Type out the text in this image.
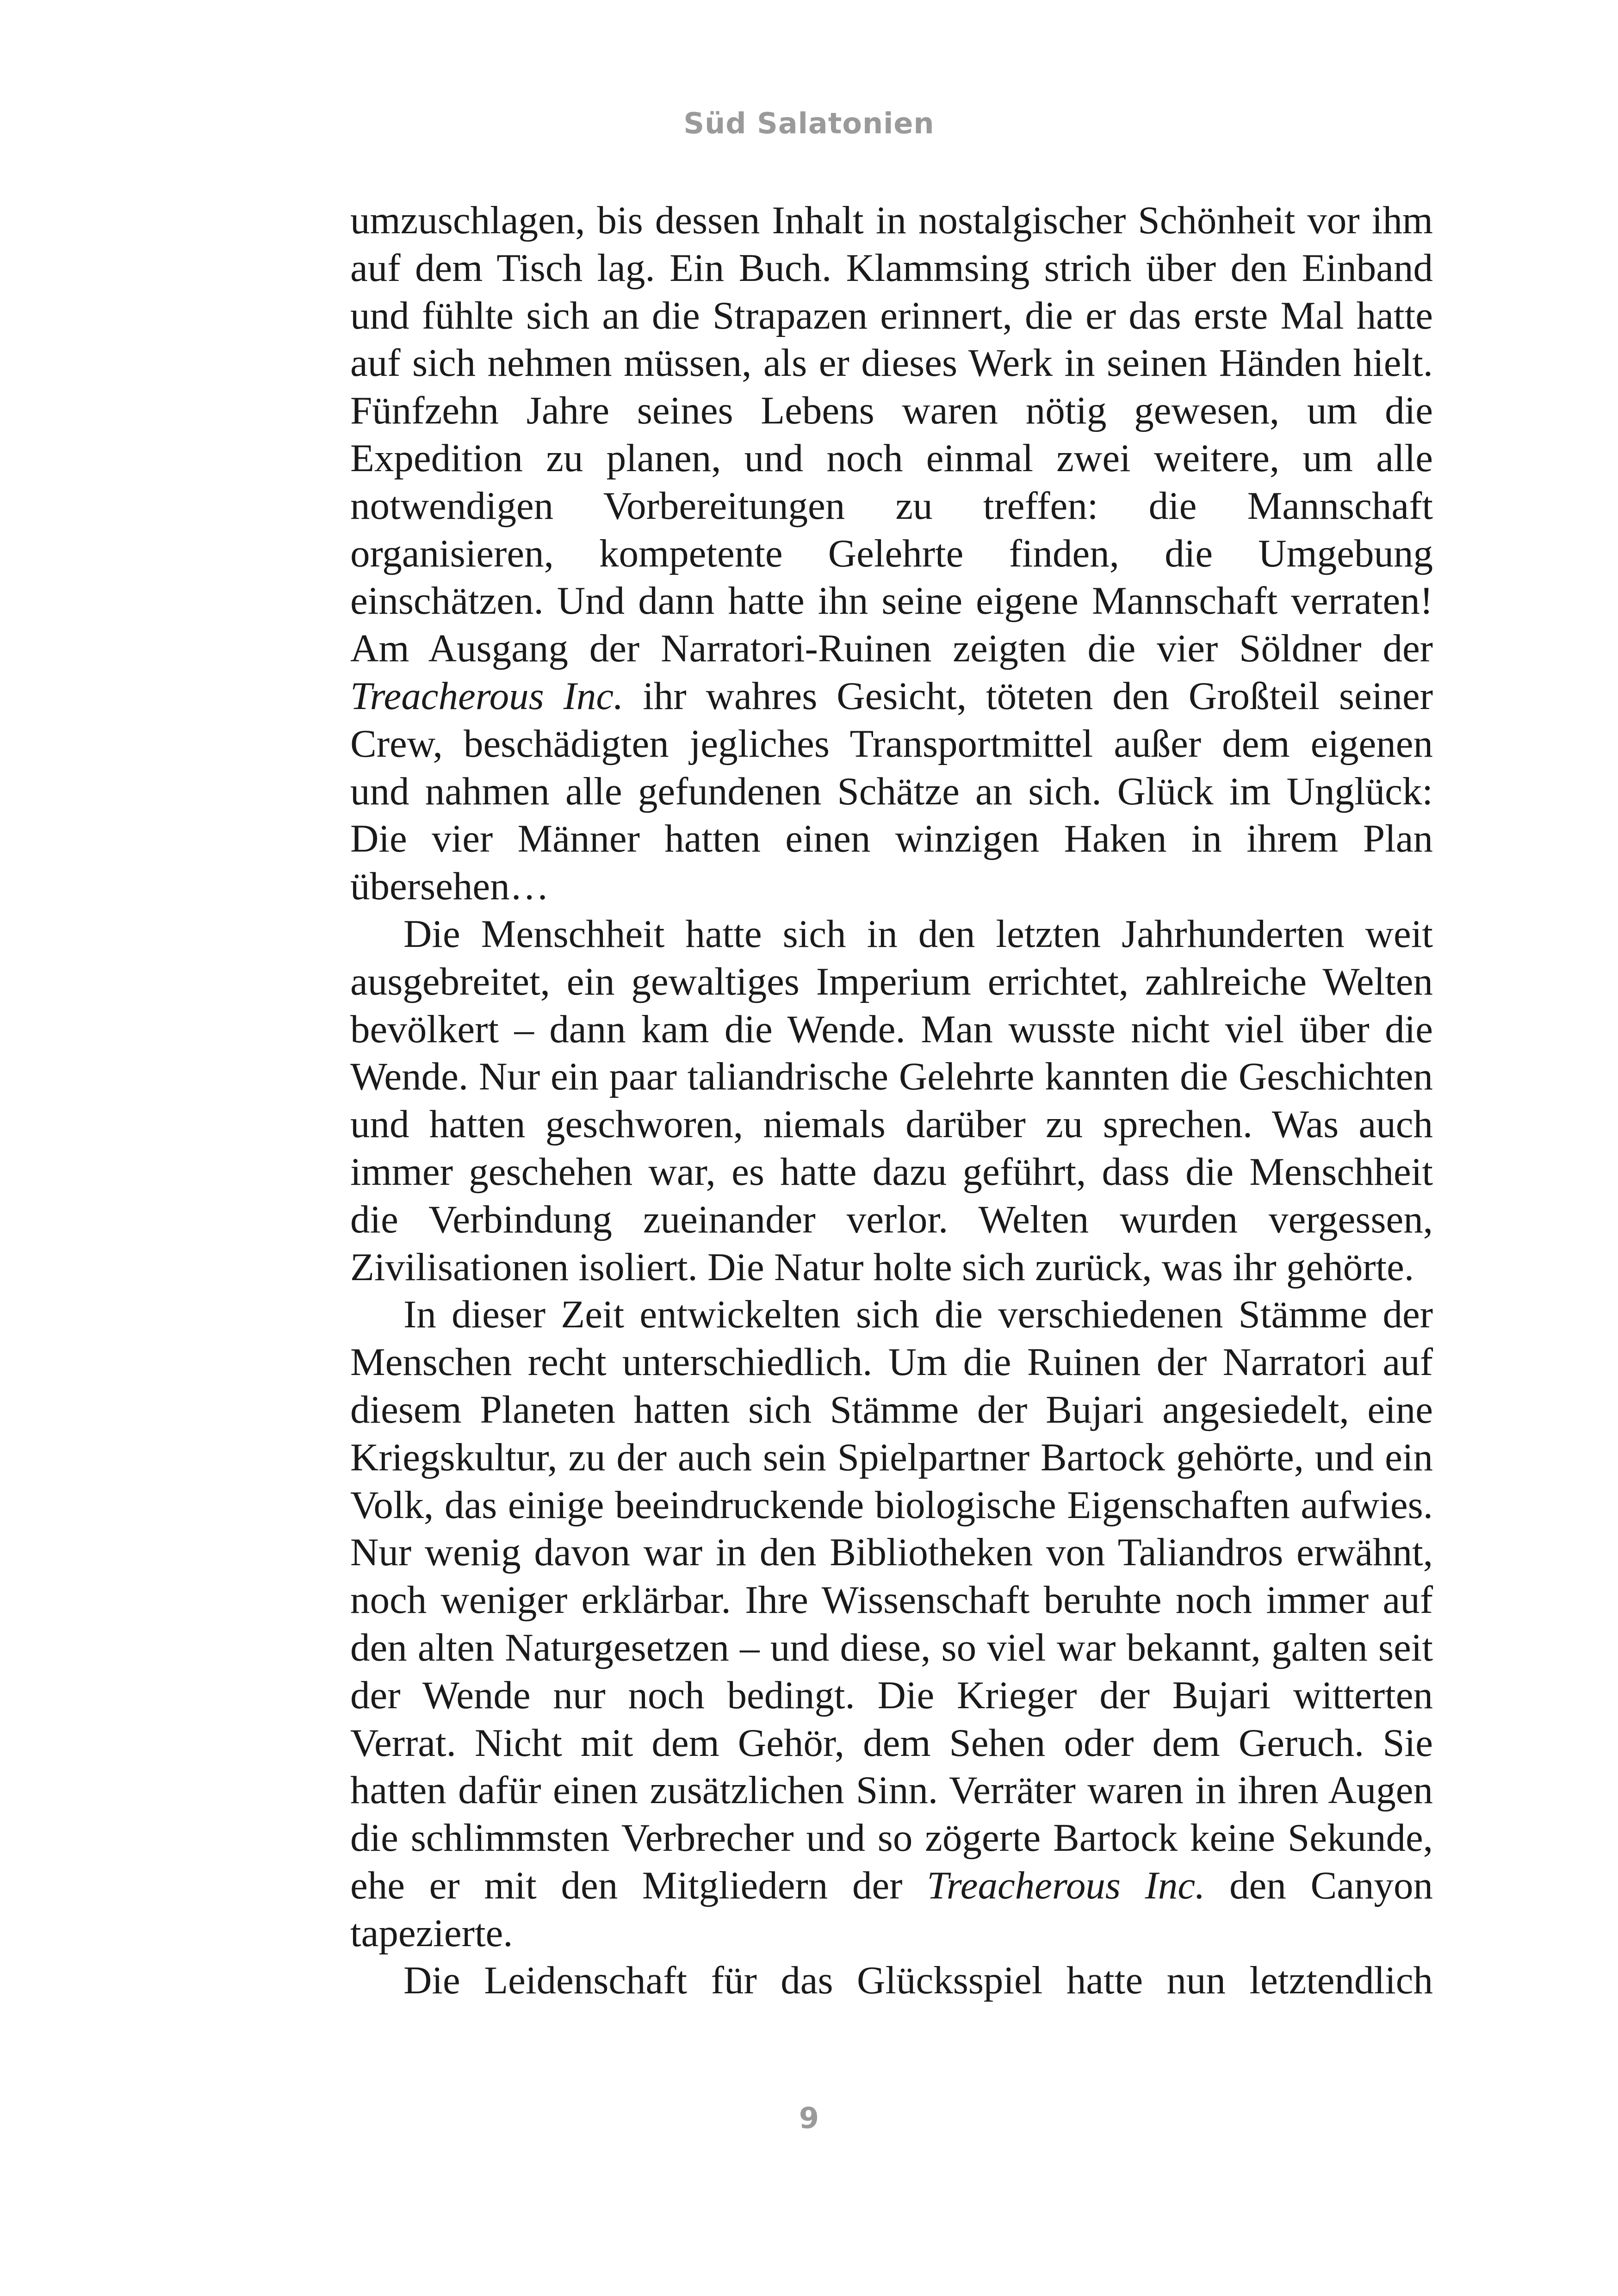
Süd Salatonien

umzuschlagen, bis dessen Inhalt in nostalgischer Schönheit vor ihm auf dem Tisch lag. Ein Buch. Klammsing strich über den Einband und fühlte sich an die Strapazen erinnert, die er das erste Mal hatte auf sich nehmen müssen, als er dieses Werk in seinen Händen hielt. Fünfzehn Jahre seines Lebens waren nötig gewesen, um die Expedition zu planen, und noch einmal zwei weitere, um alle notwendigen Vorbereitungen zu treffen: die Mannschaft organisieren, kompetente Gelehrte finden, die Umgebung einschätzen. Und dann hatte ihn seine eigene Mannschaft verraten! Am Ausgang der Narratori-Ruinen zeigten die vier Söldner der Treacherous Inc. ihr wahres Gesicht, töteten den Großteil seiner Crew, beschädigten jegliches Transportmittel außer dem eigenen und nahmen alle gefundenen Schätze an sich. Glück im Unglück: Die vier Männer hatten einen winzigen Haken in ihrem Plan übersehen…

Die Menschheit hatte sich in den letzten Jahrhunderten weit ausgebreitet, ein gewaltiges Imperium errichtet, zahlreiche Welten bevölkert – dann kam die Wende. Man wusste nicht viel über die Wende. Nur ein paar taliandrische Gelehrte kannten die Geschichten und hatten geschworen, niemals darüber zu sprechen. Was auch immer geschehen war, es hatte dazu geführt, dass die Menschheit die Verbindung zueinander verlor. Welten wurden vergessen, Zivilisationen isoliert. Die Natur holte sich zurück, was ihr gehörte.

In dieser Zeit entwickelten sich die verschiedenen Stämme der Menschen recht unterschiedlich. Um die Ruinen der Narratori auf diesem Planeten hatten sich Stämme der Bujari angesiedelt, eine Kriegskultur, zu der auch sein Spielpartner Bartock gehörte, und ein Volk, das einige beeindruckende biologische Eigenschaften aufwies. Nur wenig davon war in den Bibliotheken von Taliandros erwähnt, noch weniger erklärbar. Ihre Wissenschaft beruhte noch immer auf den alten Naturgesetzen – und diese, so viel war bekannt, galten seit der Wende nur noch bedingt. Die Krieger der Bujari witterten Verrat. Nicht mit dem Gehör, dem Sehen oder dem Geruch. Sie hatten dafür einen zusätzlichen Sinn. Verräter waren in ihren Augen die schlimmsten Verbrecher und so zögerte Bartock keine Sekunde, ehe er mit den Mitgliedern der Treacherous Inc. den Canyon tapezierte.

Die Leidenschaft für das Glücksspiel hatte nun letztendlich

9
